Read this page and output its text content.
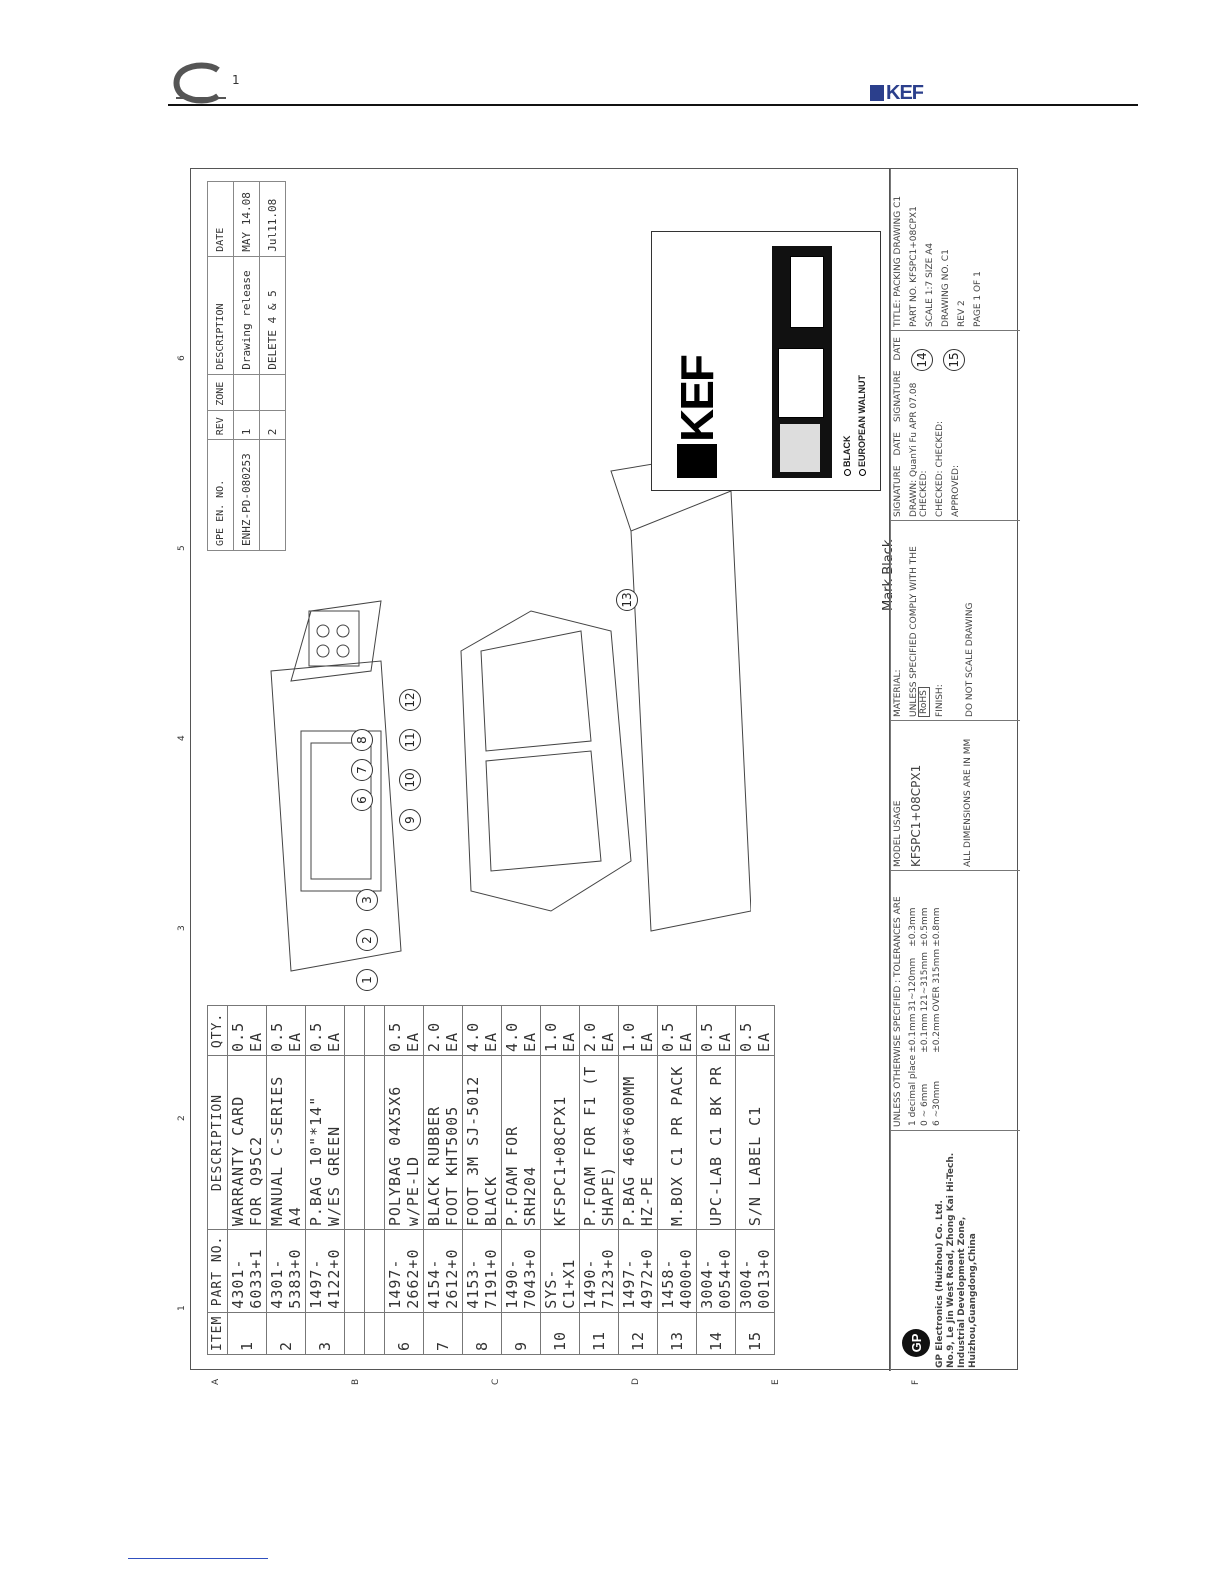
1
KEF
1
2
3
4
5
6
A	B	C	D	E	F
ITEM	PART NO.	DESCRIPTION	QTY.
1	4301-6033+1	WARRANTY CARD FOR Q95C2	0.5 EA
2	4301-5383+0	MANUAL C-SERIES A4	0.5 EA
3	1497-4122+0	P.BAG 10"*14" W/ES GREEN	0.5 EA

6	1497-2662+0	POLYBAG 04X5X6 w/PE-LD	0.5 EA
7	4154-2612+0	BLACK RUBBER FOOT KHT5005	2.0 EA
8	4153-7191+0	FOOT 3M SJ-5012 BLACK	4.0 EA
9	1490-7043+0	P.FOAM FOR SRH204	4.0 EA
10	SYS-C1+X1	KFSPC1+08CPX1	1.0 EA
11	1490-7123+0	P.FOAM FOR F1 (T SHAPE)	2.0 EA
12	1497-4972+0	P.BAG 460*600MM HZ-PE	1.0 EA
13	1458-4000+0	M.BOX C1 PR PACK	0.5 EA
14	3004-0054+0	UPC-LAB C1 BK PR	0.5 EA
15	3004-0013+0	S/N LABEL C1	0.5 EA
1
2
3
6
7
8
9
10
11
12
13
14	15
KEF
BLACK EUROPEAN WALNUT
Mark Black
GPE EN. NO.	REV	ZONE	DESCRIPTION	DATE
ENHZ-PD-080253	1		Drawing release	MAY 14.08
	2		DELETE 4 & 5	Jul11.08
GP GP Electronics (Huizhou) Co. Ltd. No.9, Le Jin West Road, Zhong Kai Hi-Tech. Industrial Development Zone, Huizhou,Guangdong,China
UNLESS OTHERWISE SPECIFIED : TOLERANCES ARE 1 decimal place	±0.1mm	31~120mm	±0.3mm
0 ~ 6mm	±0.1mm	121~315mm	±0.5mm
6 ~30mm	±0.2mm	OVER 315mm	±0.8mm
MODEL USAGE KFSPC1+08CPX1	ALL DIMENSIONS ARE IN MM
MATERIAL: UNLESS SPECIFIED COMPLY WITH THE RoHS FINISH: DO NOT SCALE DRAWING
SIGNATURE
DATE
SIGNATURE
DATE
DRAWN: QuanYi Fu APR 07.08 CHECKED: CHECKED: CHECKED:
APPROVED:
TITLE: PACKING DRAWING C1
PART NO. KFSPC1+08CPX1
SCALE 1:7 SIZE A4
DRAWING NO. C1
REV 2 PAGE 1 OF 1
